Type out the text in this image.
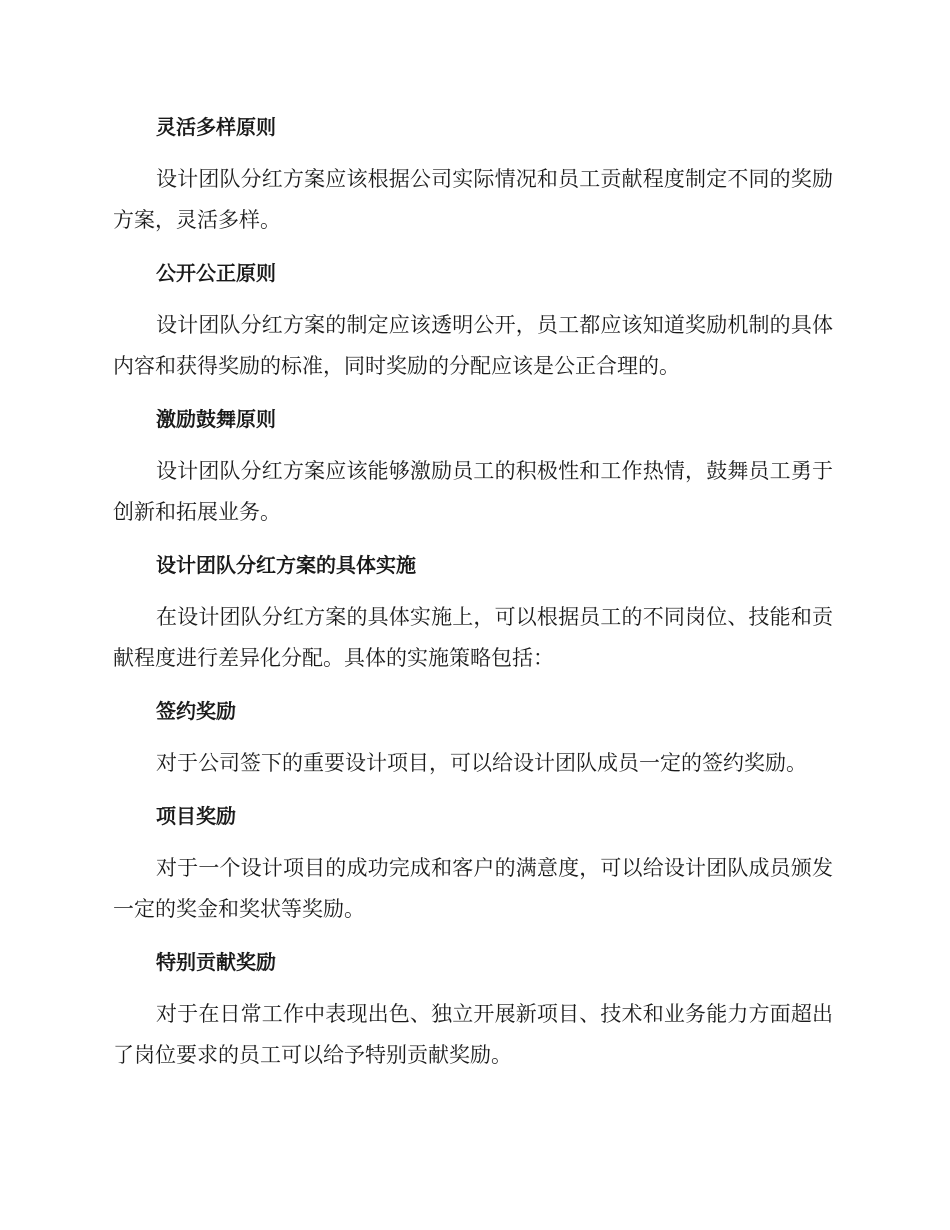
灵活多样原则

设计团队分红方案应该根据公司实际情况和员工贡献程度制定不同的奖励方案，灵活多样。

公开公正原则

设计团队分红方案的制定应该透明公开，员工都应该知道奖励机制的具体内容和获得奖励的标准，同时奖励的分配应该是公正合理的。

激励鼓舞原则

设计团队分红方案应该能够激励员工的积极性和工作热情，鼓舞员工勇于创新和拓展业务。

设计团队分红方案的具体实施

在设计团队分红方案的具体实施上，可以根据员工的不同岗位、技能和贡献程度进行差异化分配。具体的实施策略包括：

签约奖励

对于公司签下的重要设计项目，可以给设计团队成员一定的签约奖励。

项目奖励

对于一个设计项目的成功完成和客户的满意度，可以给设计团队成员颁发一定的奖金和奖状等奖励。

特别贡献奖励

对于在日常工作中表现出色、独立开展新项目、技术和业务能力方面超出了岗位要求的员工可以给予特别贡献奖励。
